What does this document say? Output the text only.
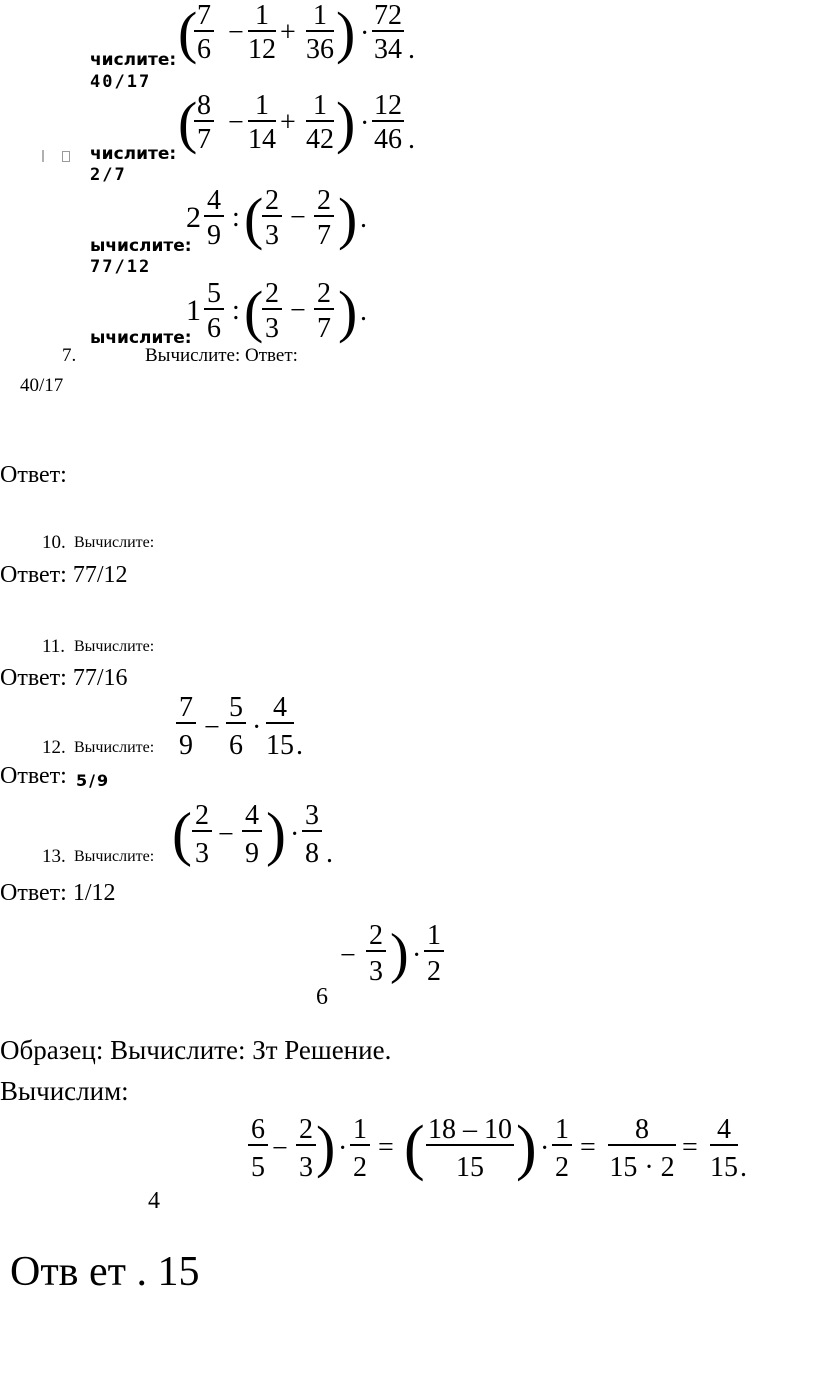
( 7
6
−
1
12
+
1
36 ) ·
72
34 .
числите:
40/17
( 8
7
−
1
14
+
1
42 ) ·
12
46 .
числите:
2/7
2
4
9
: ( 2
3
−
2
7 ) .
ычислите:
77/12
1
5
6
: ( 2
3
−
2
7 ) .
ычислите:
7.	Вычислите: Ответ:
40/17
Ответ:
10. Вычислите:
Ответ: 77/12
11. Вычислите:
Ответ: 77/16
7
9
−
5
6
·
4
15 .
12. Вычислите:
Ответ: 5/9
( 2
3
−
4
9 ) ·
3
8 .
13. Вычислите:
Ответ: 1/12
−
2
3 ) ·
1
2
6
Образец: Вычислите: Зт Решение.
Вычислим:
6
5
−
2
3 ) ·
1
2
= ( 18 – 10
15 ) ·
1
2
=
8
15 · 2
=
4
15 .
4
Отв ет . 15
